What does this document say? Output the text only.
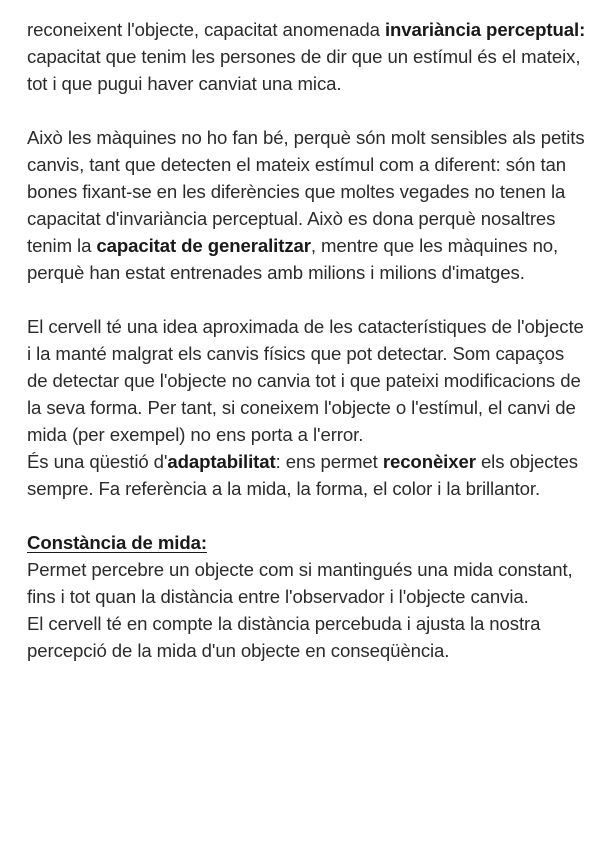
reconeixent l'objecte, capacitat anomenada invariància perceptual: capacitat que tenim les persones de dir que un estímul és el mateix, tot i que pugui haver canviat una mica.

Això les màquines no ho fan bé, perquè són molt sensibles als petits canvis, tant que detecten el mateix estímul com a diferent: són tan bones fixant-se en les diferències que moltes vegades no tenen la capacitat d'invariància perceptual. Això es dona perquè nosaltres tenim la capacitat de generalitzar, mentre que les màquines no, perquè han estat entrenades amb milions i milions d'imatges.

El cervell té una idea aproximada de les catacterístiques de l'objecte i la manté malgrat els canvis físics que pot detectar. Som capaços de detectar que l'objecte no canvia tot i que pateixi modificacions de la seva forma. Per tant, si coneixem l'objecte o l'estímul, el canvi de mida (per exempel) no ens porta a l'error.

És una qüestió d'adaptabilitat: ens permet reconèixer els objectes sempre. Fa referència a la mida, la forma, el color i la brillantor.

Constància de mida:

Permet percebre un objecte com si mantingués una mida constant, fins i tot quan la distància entre l'observador i l'objecte canvia.

El cervell té en compte la distància percebuda i ajusta la nostra percepció de la mida d'un objecte en conseqüència.
